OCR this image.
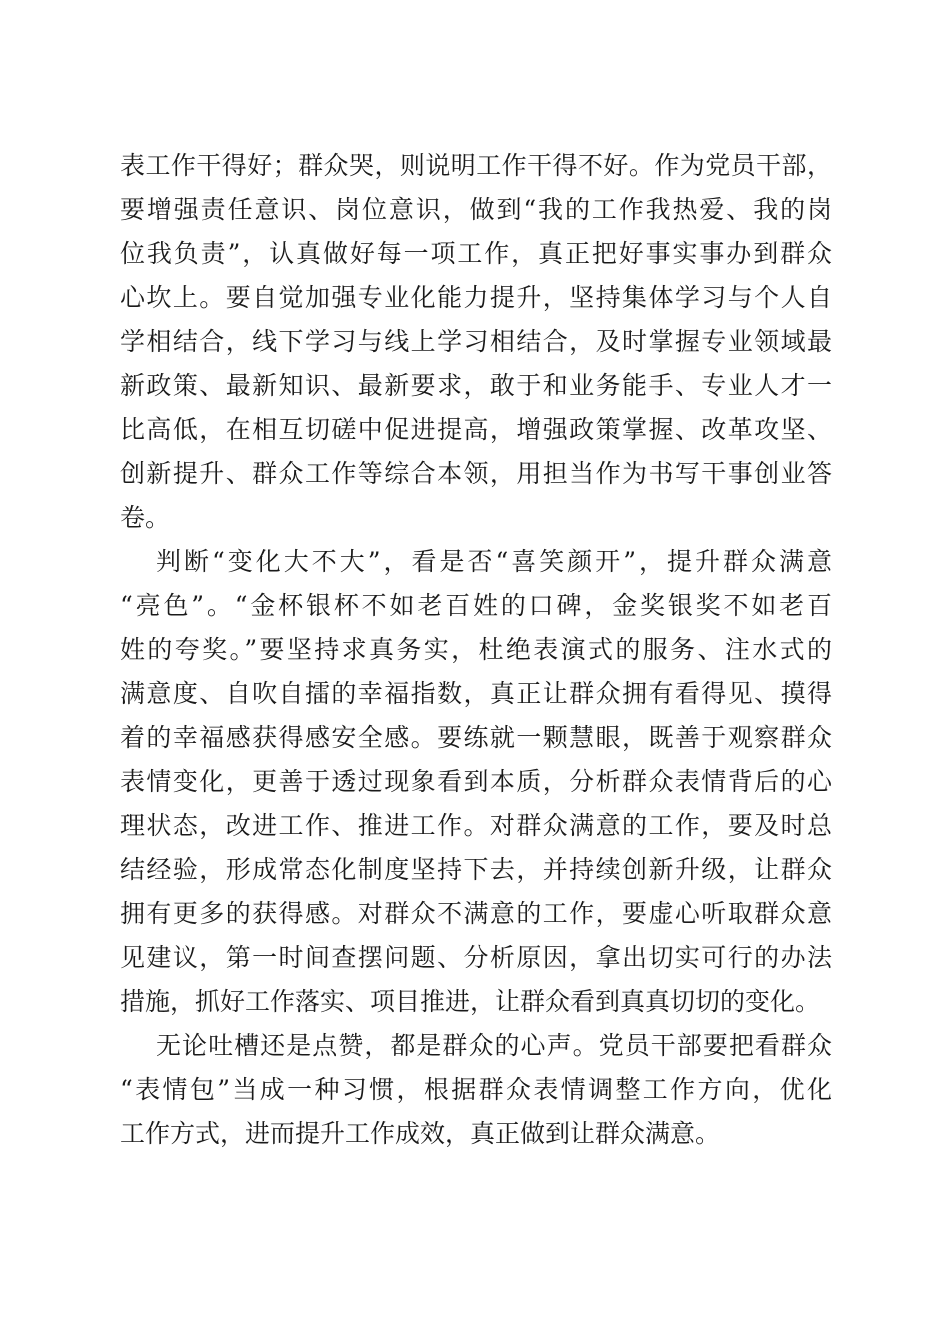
表工作干得好；群众哭，则说明工作干得不好。作为党员干部，
要增强责任意识、岗位意识，做到“我的工作我热爱、我的岗
位我负责”，认真做好每一项工作，真正把好事实事办到群众
心坎上。要自觉加强专业化能力提升，坚持集体学习与个人自
学相结合，线下学习与线上学习相结合，及时掌握专业领域最
新政策、最新知识、最新要求，敢于和业务能手、专业人才一
比高低，在相互切磋中促进提高，增强政策掌握、改革攻坚、
创新提升、群众工作等综合本领，用担当作为书写干事创业答
卷。
判断“变化大不大”，看是否“喜笑颜开”，提升群众满意
“亮色”。“金杯银杯不如老百姓的口碑，金奖银奖不如老百
姓的夸奖。”要坚持求真务实，杜绝表演式的服务、注水式的
满意度、自吹自擂的幸福指数，真正让群众拥有看得见、摸得
着的幸福感获得感安全感。要练就一颗慧眼，既善于观察群众
表情变化，更善于透过现象看到本质，分析群众表情背后的心
理状态，改进工作、推进工作。对群众满意的工作，要及时总
结经验，形成常态化制度坚持下去，并持续创新升级，让群众
拥有更多的获得感。对群众不满意的工作，要虚心听取群众意
见建议，第一时间查摆问题、分析原因，拿出切实可行的办法
措施，抓好工作落实、项目推进，让群众看到真真切切的变化。
无论吐槽还是点赞，都是群众的心声。党员干部要把看群众
“表情包”当成一种习惯，根据群众表情调整工作方向，优化
工作方式，进而提升工作成效，真正做到让群众满意。
